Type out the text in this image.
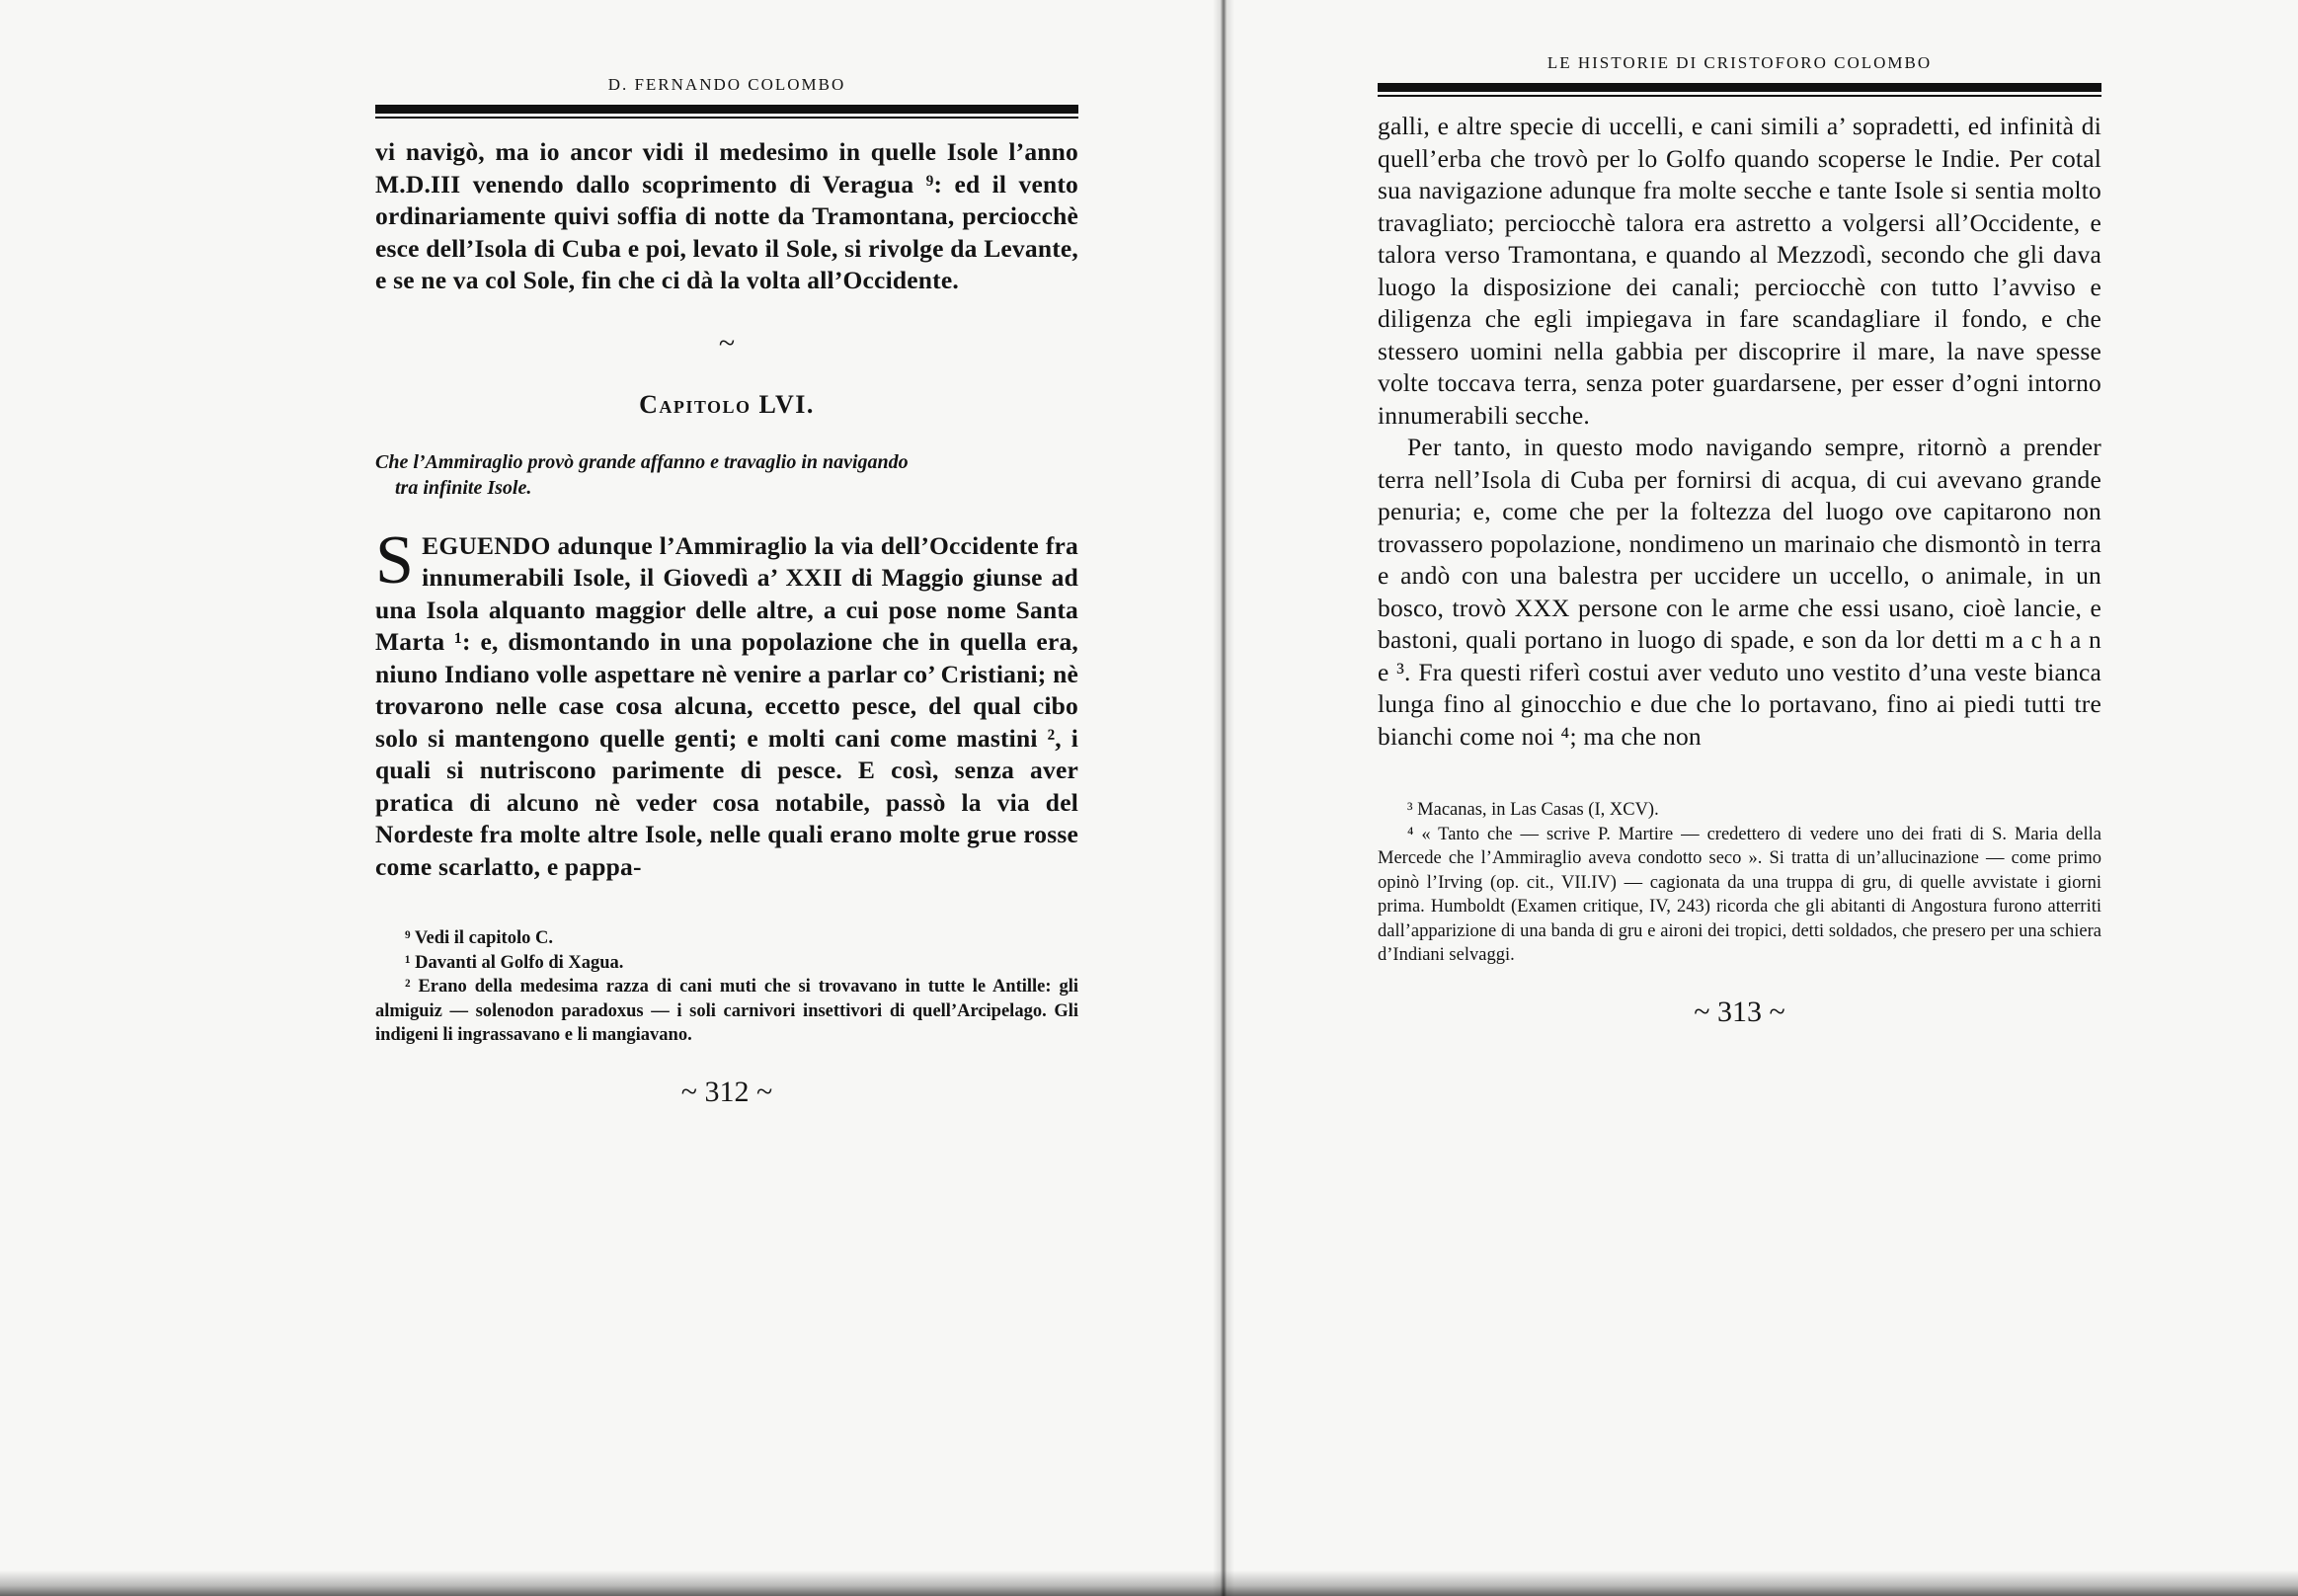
D. FERNANDO COLOMBO

vi navigò, ma io ancor vidi il medesimo in quelle Isole l’anno M.D.III venendo dallo scoprimento di Veragua ⁹: ed il vento ordinariamente quivi soffia di notte da Tramontana, perciocchè esce dell’Isola di Cuba e poi, levato il Sole, si rivolge da Levante, e se ne va col Sole, fin che ci dà la volta all’Occidente.

~
Capitolo LVI.
Che l’Ammiraglio provò grande affanno e travaglio in navigando
tra infinite Isole.

SEGUENDO adunque l’Ammiraglio la via dell’Occidente fra innumerabili Isole, il Giovedì a’ XXII di Maggio giunse ad una Isola alquanto maggior delle altre, a cui pose nome Santa Marta ¹: e, dismontando in una popolazione che in quella era, niuno Indiano volle aspettare nè venire a parlar co’ Cristiani; nè trovarono nelle case cosa alcuna, eccetto pesce, del qual cibo solo si mantengono quelle genti; e molti cani come mastini ², i quali si nutriscono parimente di pesce. E così, senza aver pratica di alcuno nè veder cosa notabile, passò la via del Nordeste fra molte altre Isole, nelle quali erano molte grue rosse come scarlatto, e pappa-

⁹ Vedi il capitolo C.

¹ Davanti al Golfo di Xagua.

² Erano della medesima razza di cani muti che si trovavano in tutte le Antille: gli almiguiz — solenodon paradoxus — i soli carnivori insettivori di quell’Arcipelago. Gli indigeni li ingrassavano e li mangiavano.

~ 312 ~
LE HISTORIE DI CRISTOFORO COLOMBO

galli, e altre specie di uccelli, e cani simili a’ sopradetti, ed infinità di quell’erba che trovò per lo Golfo quando scoperse le Indie. Per cotal sua navigazione adunque fra molte secche e tante Isole si sentia molto travagliato; perciocchè talora era astretto a volgersi all’Occidente, e talora verso Tramontana, e quando al Mezzodì, secondo che gli dava luogo la disposizione dei canali; perciocchè con tutto l’avviso e diligenza che egli impiegava in fare scandagliare il fondo, e che stessero uomini nella gabbia per discoprire il mare, la nave spesse volte toccava terra, senza poter guardarsene, per esser d’ogni intorno innumerabili secche.

Per tanto, in questo modo navigando sempre, ritornò a prender terra nell’Isola di Cuba per fornirsi di acqua, di cui avevano grande penuria; e, come che per la foltezza del luogo ove capitarono non trovassero popolazione, nondimeno un marinaio che dismontò in terra e andò con una balestra per uccidere un uccello, o animale, in un bosco, trovò XXX persone con le arme che essi usano, cioè lancie, e bastoni, quali portano in luogo di spade, e son da lor detti m a c h a n e ³. Fra questi riferì costui aver veduto uno vestito d’una veste bianca lunga fino al ginocchio e due che lo portavano, fino ai piedi tutti tre bianchi come noi ⁴; ma che non

³ Macanas, in Las Casas (I, XCV).

⁴ « Tanto che — scrive P. Martire — credettero di vedere uno dei frati di S. Maria della Mercede che l’Ammiraglio aveva condotto seco ». Si tratta di un’allucinazione — come primo opinò l’Irving (op. cit., VII.IV) — cagionata da una truppa di gru, di quelle avvistate i giorni prima. Humboldt (Examen critique, IV, 243) ricorda che gli abitanti di Angostura furono atterriti dall’apparizione di una banda di gru e aironi dei tropici, detti soldados, che presero per una schiera d’Indiani selvaggi.

~ 313 ~
